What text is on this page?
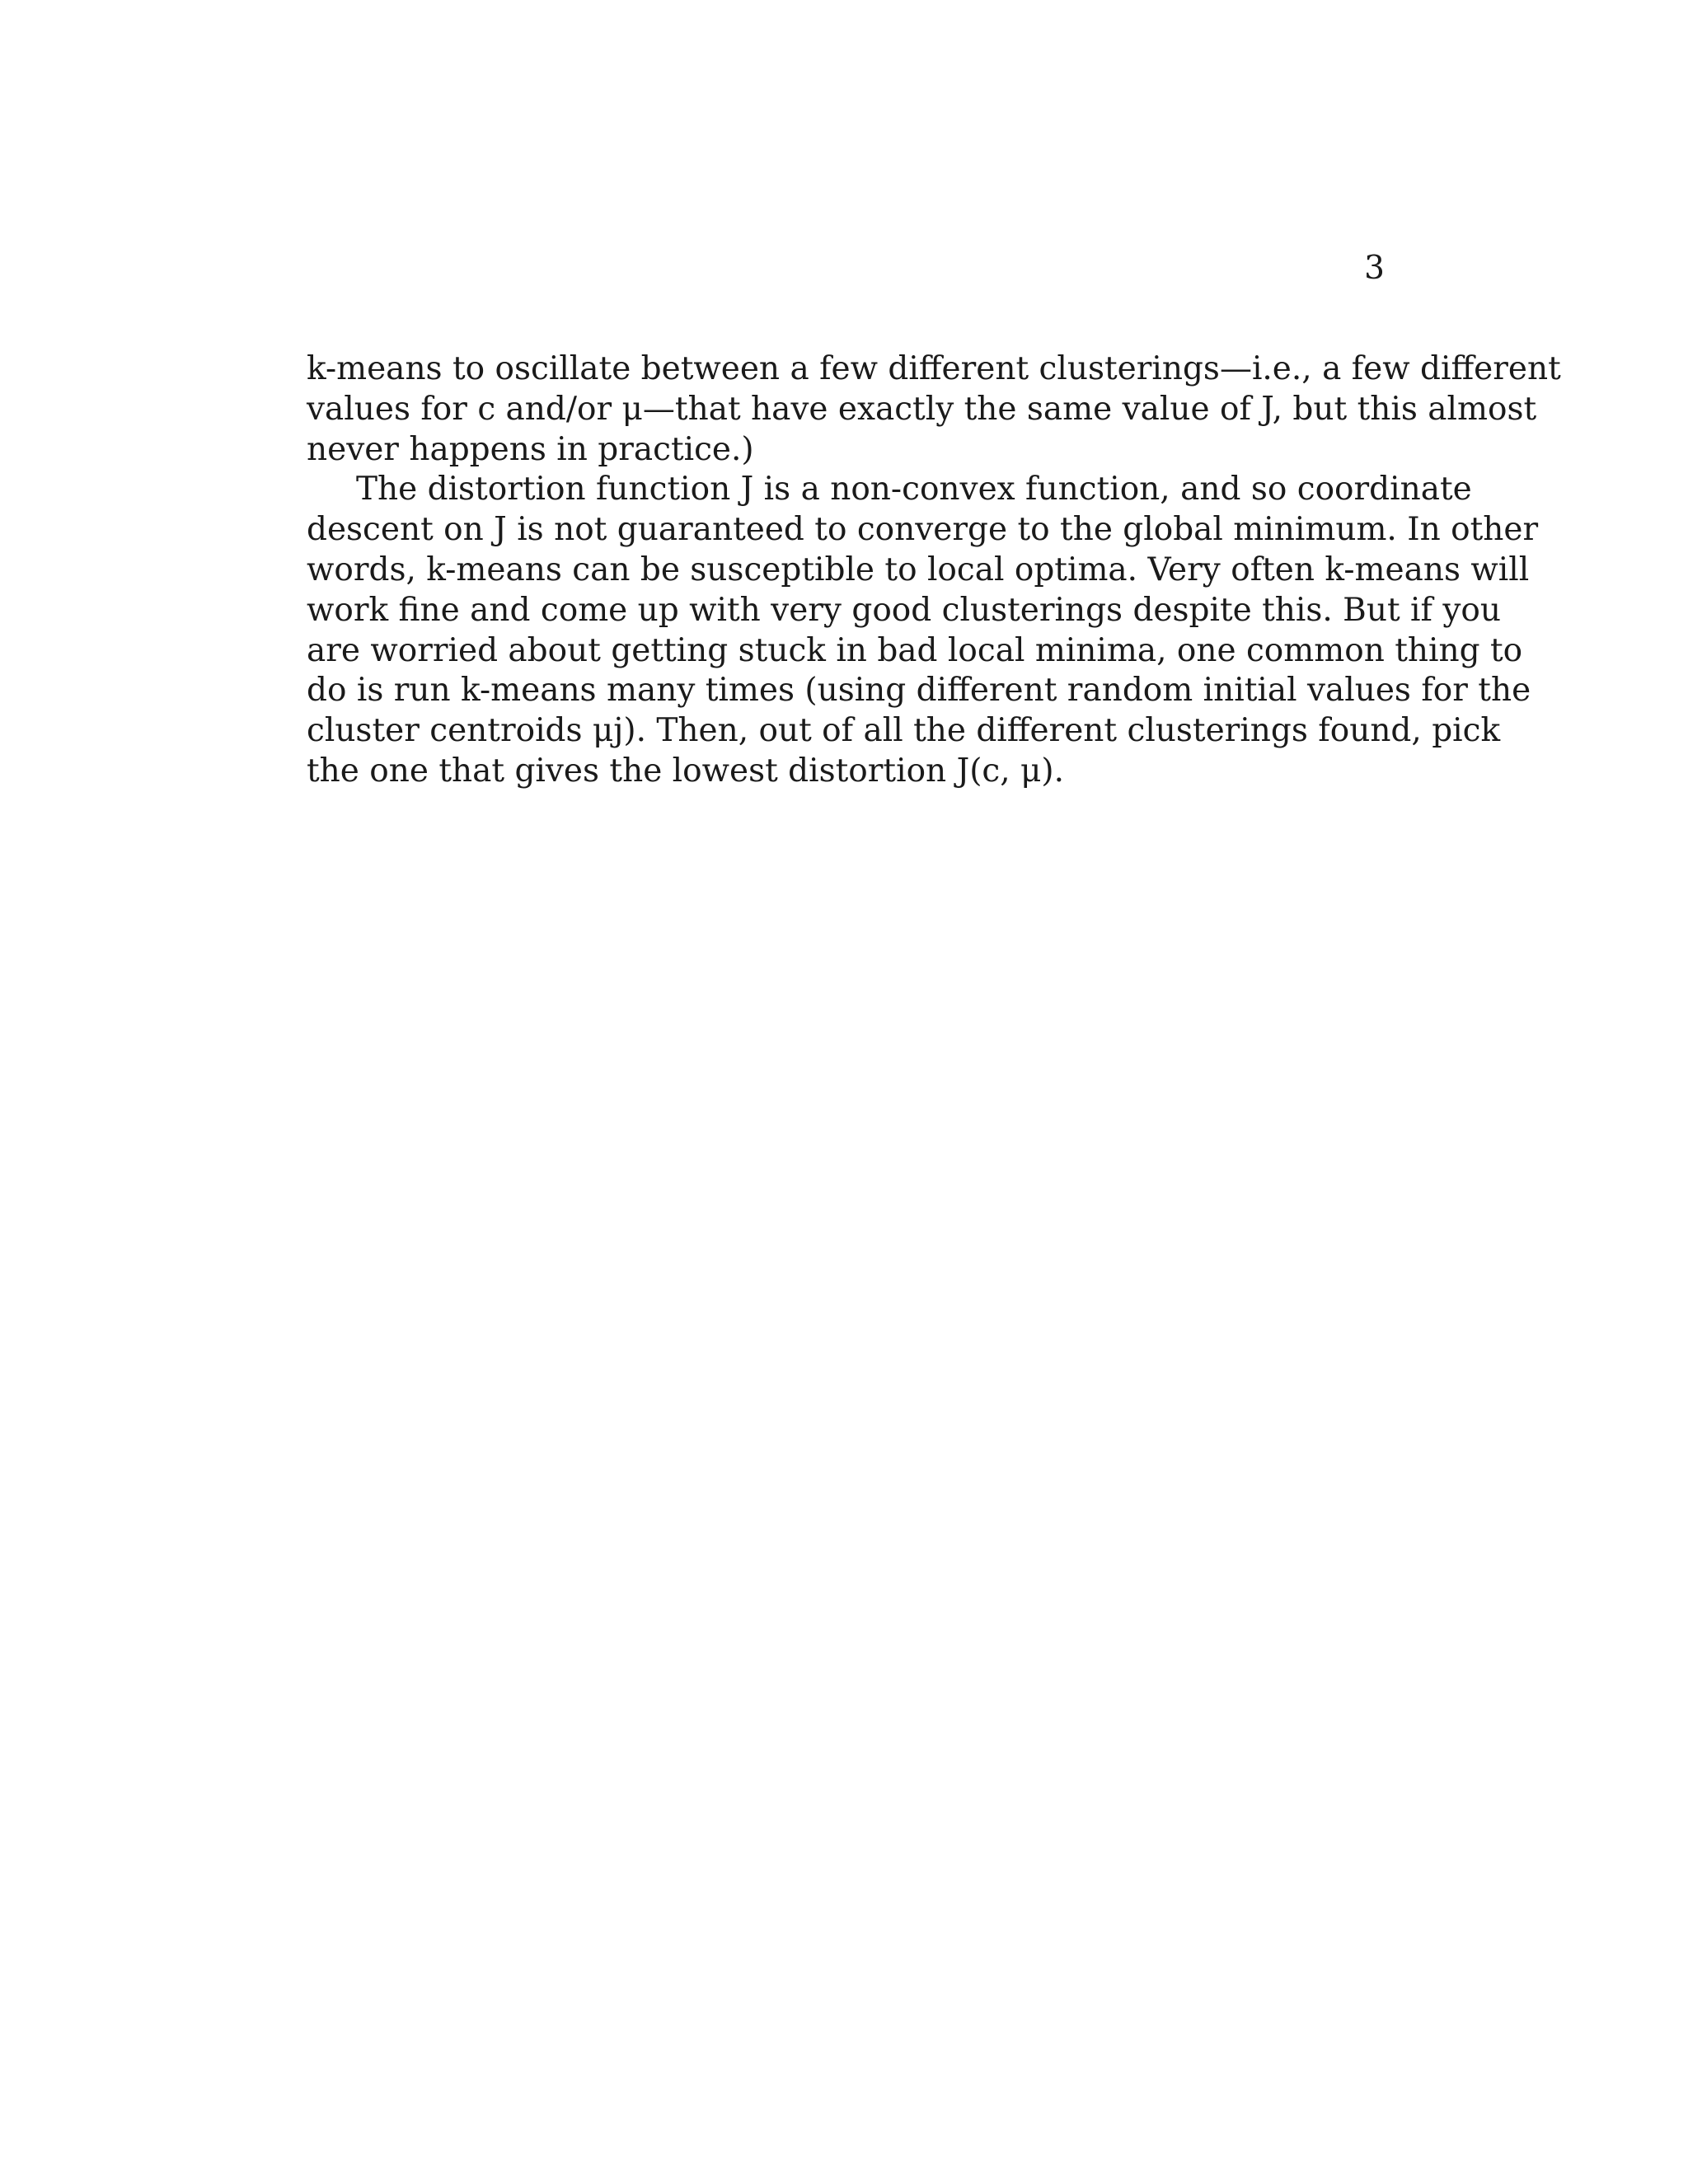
3
k-means to oscillate between a few different clusterings—i.e., a few different
values for c and/or μ—that have exactly the same value of J, but this almost
never happens in practice.)
The distortion function J is a non-convex function, and so coordinate
descent on J is not guaranteed to converge to the global minimum. In other
words, k-means can be susceptible to local optima. Very often k-means will
work fine and come up with very good clusterings despite this. But if you
are worried about getting stuck in bad local minima, one common thing to
do is run k-means many times (using different random initial values for the
cluster centroids μj). Then, out of all the different clusterings found, pick
the one that gives the lowest distortion J(c, μ).
